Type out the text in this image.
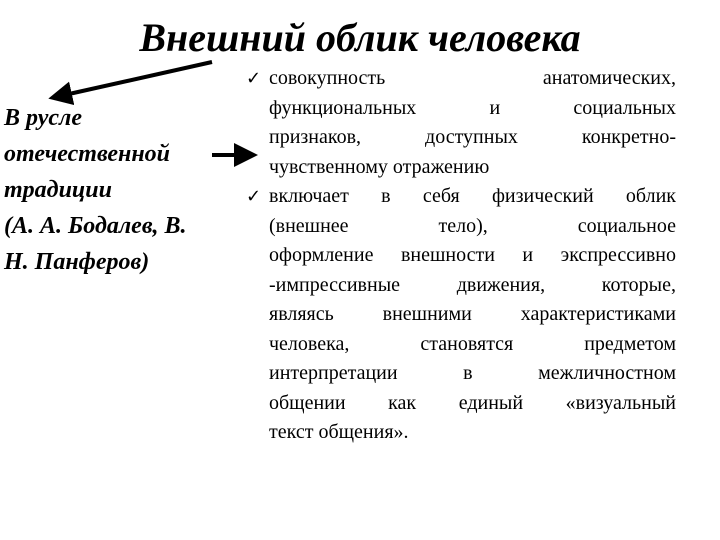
Внешний облик человека
В русле
отечественной
традиции
(А. А. Бодалев, В.
Н. Панферов)
✓ совокупность анатомических,
функциональных и социальных
признаков, доступных конкретно-
чувственному отражению
✓ включает в себя физический облик
(внешнее тело), социальное
оформление внешности и экспрессивно
-импрессивные движения, которые,
являясь внешними характеристиками
человека, становятся предметом
интерпретации в межличностном
общении как единый «визуальный
текст общения».
